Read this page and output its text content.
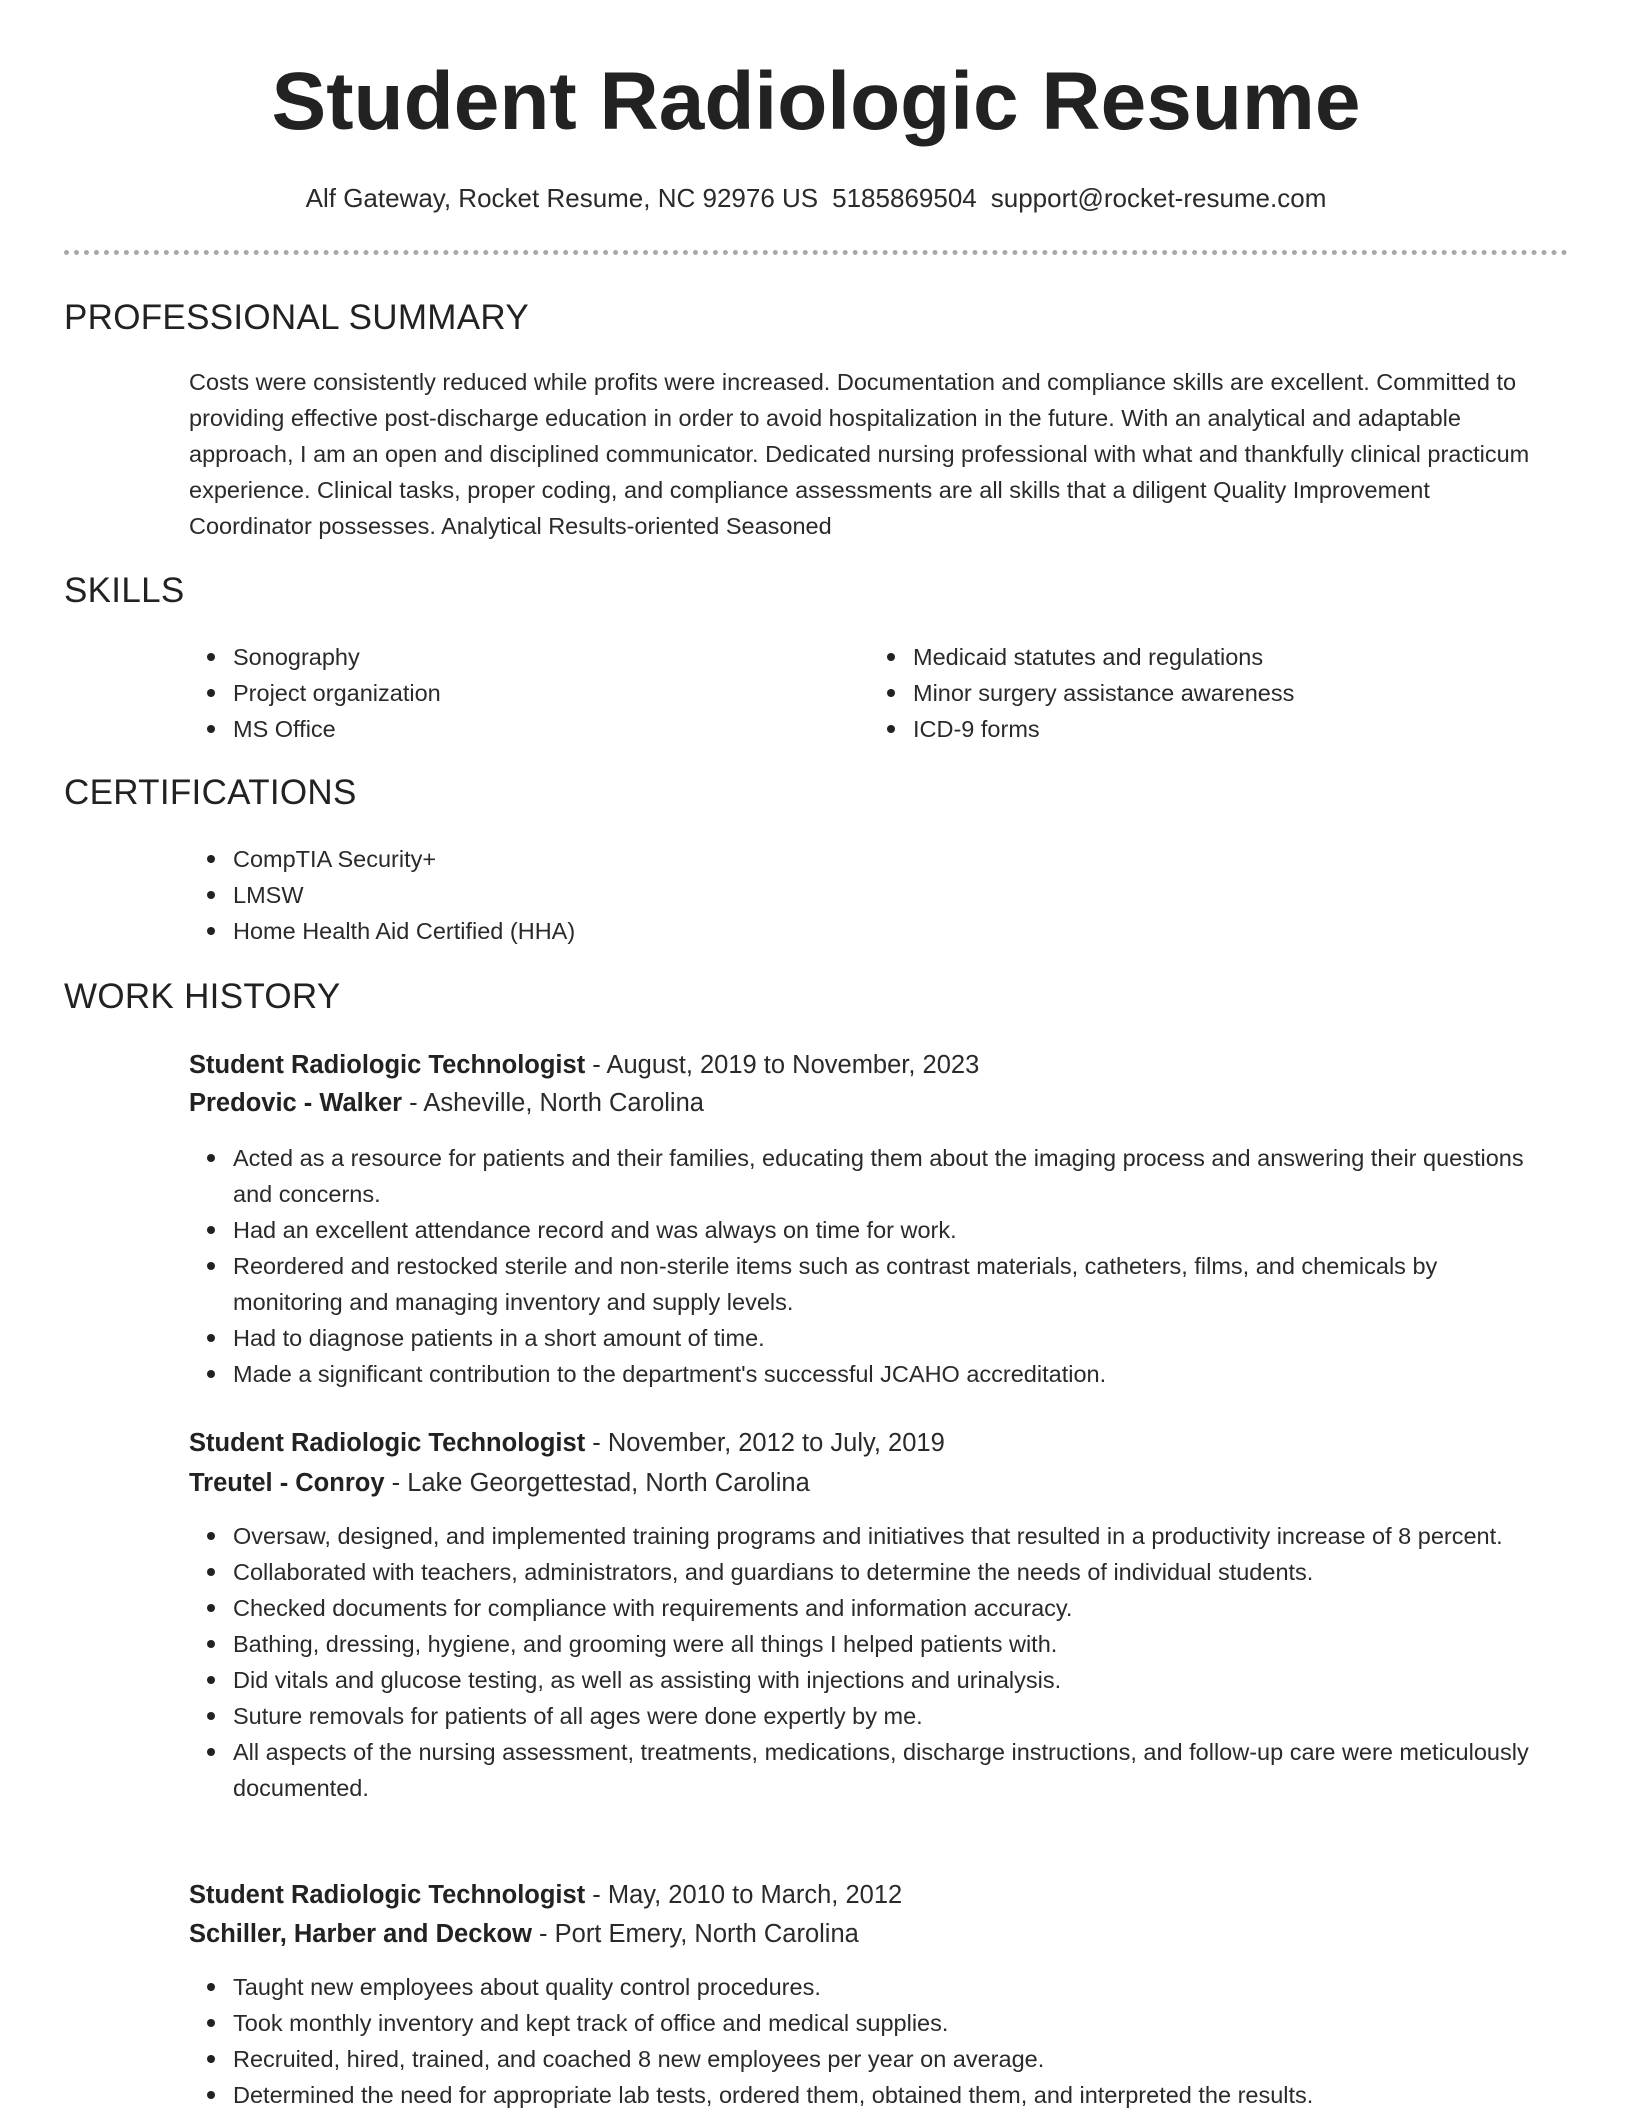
Student Radiologic Resume
Alf Gateway, Rocket Resume, NC 92976 US 5185869504 support@rocket-resume.com
PROFESSIONAL SUMMARY
Costs were consistently reduced while profits were increased. Documentation and compliance skills are excellent. Committed to providing effective post-discharge education in order to avoid hospitalization in the future. With an analytical and adaptable approach, I am an open and disciplined communicator. Dedicated nursing professional with what and thankfully clinical practicum experience. Clinical tasks, proper coding, and compliance assessments are all skills that a diligent Quality Improvement Coordinator possesses. Analytical Results-oriented Seasoned
SKILLS
Sonography
Project organization
MS Office
Medicaid statutes and regulations
Minor surgery assistance awareness
ICD-9 forms
CERTIFICATIONS
CompTIA Security+
LMSW
Home Health Aid Certified (HHA)
WORK HISTORY
Student Radiologic Technologist - August, 2019 to November, 2023
Predovic - Walker - Asheville, North Carolina
Acted as a resource for patients and their families, educating them about the imaging process and answering their questions and concerns.
Had an excellent attendance record and was always on time for work.
Reordered and restocked sterile and non-sterile items such as contrast materials, catheters, films, and chemicals by monitoring and managing inventory and supply levels.
Had to diagnose patients in a short amount of time.
Made a significant contribution to the department's successful JCAHO accreditation.
Student Radiologic Technologist - November, 2012 to July, 2019
Treutel - Conroy - Lake Georgettestad, North Carolina
Oversaw, designed, and implemented training programs and initiatives that resulted in a productivity increase of 8 percent.
Collaborated with teachers, administrators, and guardians to determine the needs of individual students.
Checked documents for compliance with requirements and information accuracy.
Bathing, dressing, hygiene, and grooming were all things I helped patients with.
Did vitals and glucose testing, as well as assisting with injections and urinalysis.
Suture removals for patients of all ages were done expertly by me.
All aspects of the nursing assessment, treatments, medications, discharge instructions, and follow-up care were meticulously documented.
Student Radiologic Technologist - May, 2010 to March, 2012
Schiller, Harber and Deckow - Port Emery, North Carolina
Taught new employees about quality control procedures.
Took monthly inventory and kept track of office and medical supplies.
Recruited, hired, trained, and coached 8 new employees per year on average.
Determined the need for appropriate lab tests, ordered them, obtained them, and interpreted the results.
